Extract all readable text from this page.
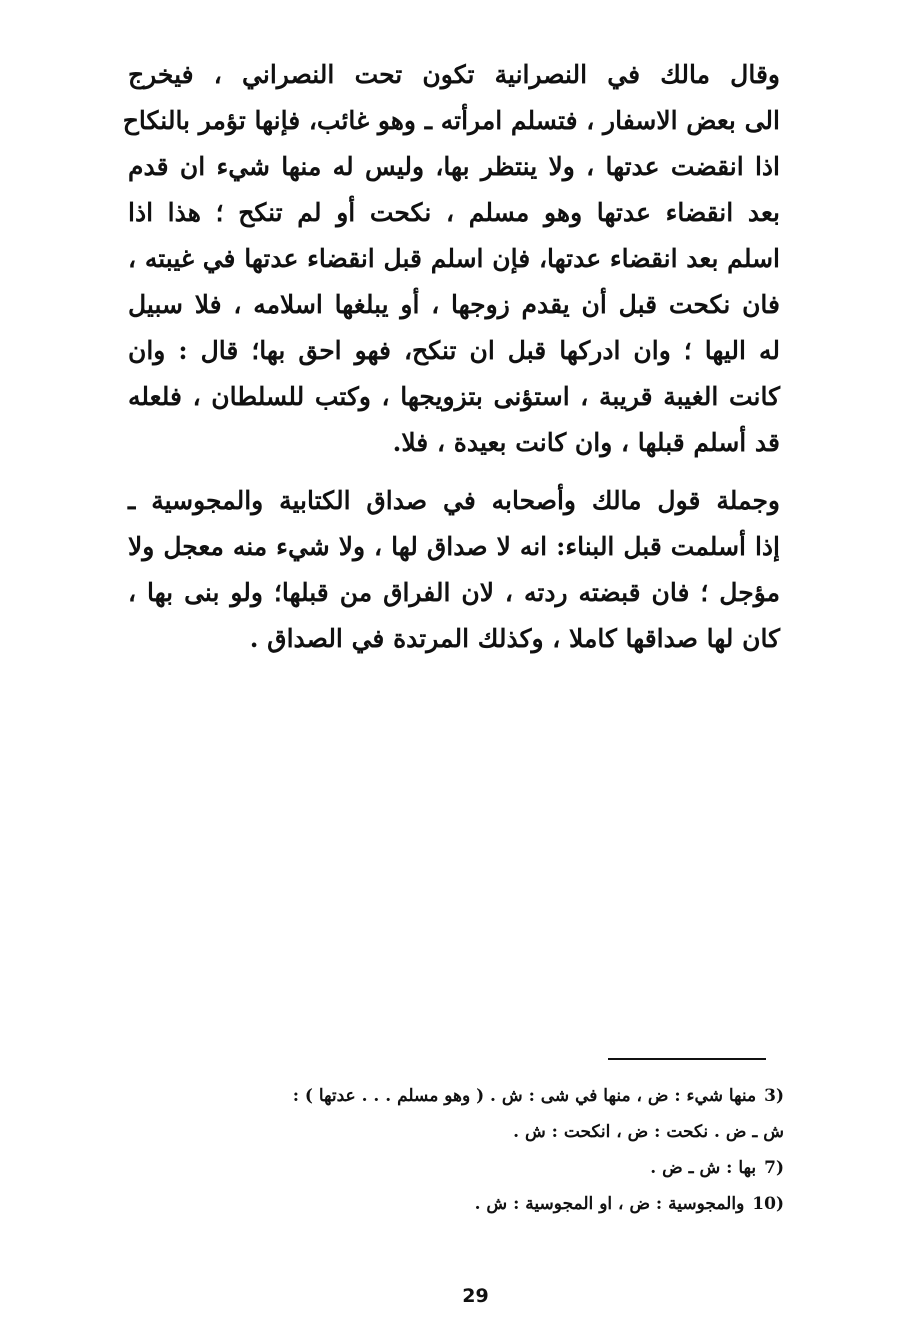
وقال مالك في النصرانية تكون تحت النصراني ، فيخرج
الى بعض الاسفار ، فتسلم امرأته ـ وهو غائب، فإنها تؤمر بالنكاح
اذا انقضت عدتها ، ولا ينتظر بها، وليس له منها شيء ان قدم
بعد انقضاء عدتها وهو مسلم ، نكحت أو لم تنكح ؛ هذا اذا
اسلم بعد انقضاء عدتها، فإن اسلم قبل انقضاء عدتها في غيبته ،
فان نكحت قبل أن يقدم زوجها ، أو يبلغها اسلامه ، فلا سبيل
له اليها ؛ وان ادركها قبل ان تنكح، فهو احق بها؛ قال : وان
كانت الغيبة قريبة ، استؤنى بتزويجها ، وكتب للسلطان ، فلعله
قد أسلم قبلها ، وان كانت بعيدة ، فلا.

وجملة قول مالك وأصحابه في صداق الكتابية والمجوسية ـ
إذا أسلمت قبل البناء: انه لا صداق لها ، ولا شيء منه معجل ولا
مؤجل ؛ فان قبضته ردته ، لان الفراق من قبلها؛ ولو بنى بها ،
كان لها صداقها كاملا ، وكذلك المرتدة في الصداق .

3)منها شيء : ض ، منها في شى : ش . ( وهو مسلم . . . عدتها ) :
ش ـ ض . نكحت : ض ، انكحت : ش .
7)بها : ش ـ ض .
10)والمجوسية : ض ، او المجوسية : ش .
29
